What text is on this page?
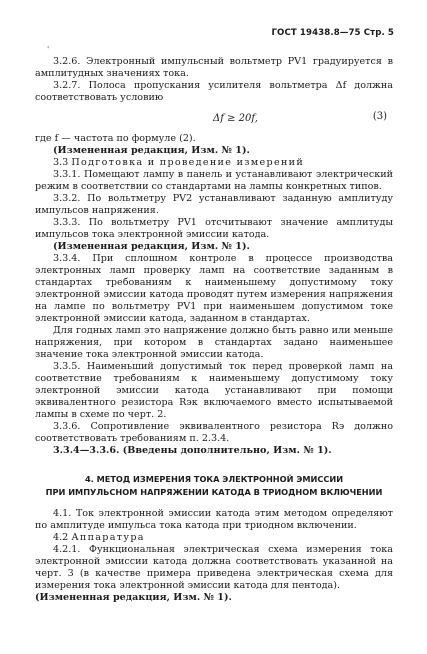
ГОСТ 19438.8—75 Стр. 5
'

3.2.6. Электронный импульсный вольтметр PV1 градуируется в амплитудных значениях тока.

3.2.7. Полоса пропускания усилителя вольтметра Δf должна соответствовать условию

Δf ≥ 20f,	(3)

где f — частота по формуле (2).

(Измененная редакция, Изм. № 1).

3.3 Подготовка и проведение измерений

3.3.1. Помещают лампу в панель и устанавливают электрический режим в соответствии со стандартами на лампы конкретных типов.

3.3.2. По вольтметру PV2 устанавливают заданную амплитуду импульсов напряжения.

3.3.3. По вольтметру PV1 отсчитывают значение амплитуды импульсов тока электронной эмиссии катода.

(Измененная редакция, Изм. № 1).

3.3.4. При сплошном контроле в процессе производства электронных ламп проверку ламп на соответствие заданным в стандартах требованиям к наименьшему допустимому току электронной эмиссии катода проводят путем измерения напряжения на лампе по вольтметру PV1 при наименьшем допустимом токе электронной эмиссии катода, заданном в стандартах.

Для годных ламп это напряжение должно быть равно или меньше напряжения, при котором в стандартах задано наименьшее значение тока электронной эмиссии катода.

3.3.5. Наименьший допустимый ток перед проверкой ламп на соответствие требованиям к наименьшему допустимому току электронной эмиссии катода устанавливают при помощи эквивалентного резистора Rэк включаемого вместо испытываемой лампы в схеме по черт. 2.

3.3.6. Сопротивление эквивалентного резистора Rэ должно соответствовать требованиям п. 2.3.4.

3.3.4—3.3.6. (Введены дополнительно, Изм. № 1).

4. МЕТОД ИЗМЕРЕНИЯ ТОКА ЭЛЕКТРОННОЙ ЭМИССИИ
ПРИ ИМПУЛЬСНОМ НАПРЯЖЕНИИ КАТОДА В ТРИОДНОМ ВКЛЮЧЕНИИ

4.1. Ток электронной эмиссии катода этим методом определяют по амплитуде импульса тока катода при триодном включении.

4.2 Аппаратура

4.2.1. Функциональная электрическая схема измерения тока электронной эмиссии катода должна соответствовать указанной на черт. 3 (в качестве примера приведена электрическая схема для измерения тока электронной эмиссии катода для пентода).

(Измененная редакция, Изм. № 1).
